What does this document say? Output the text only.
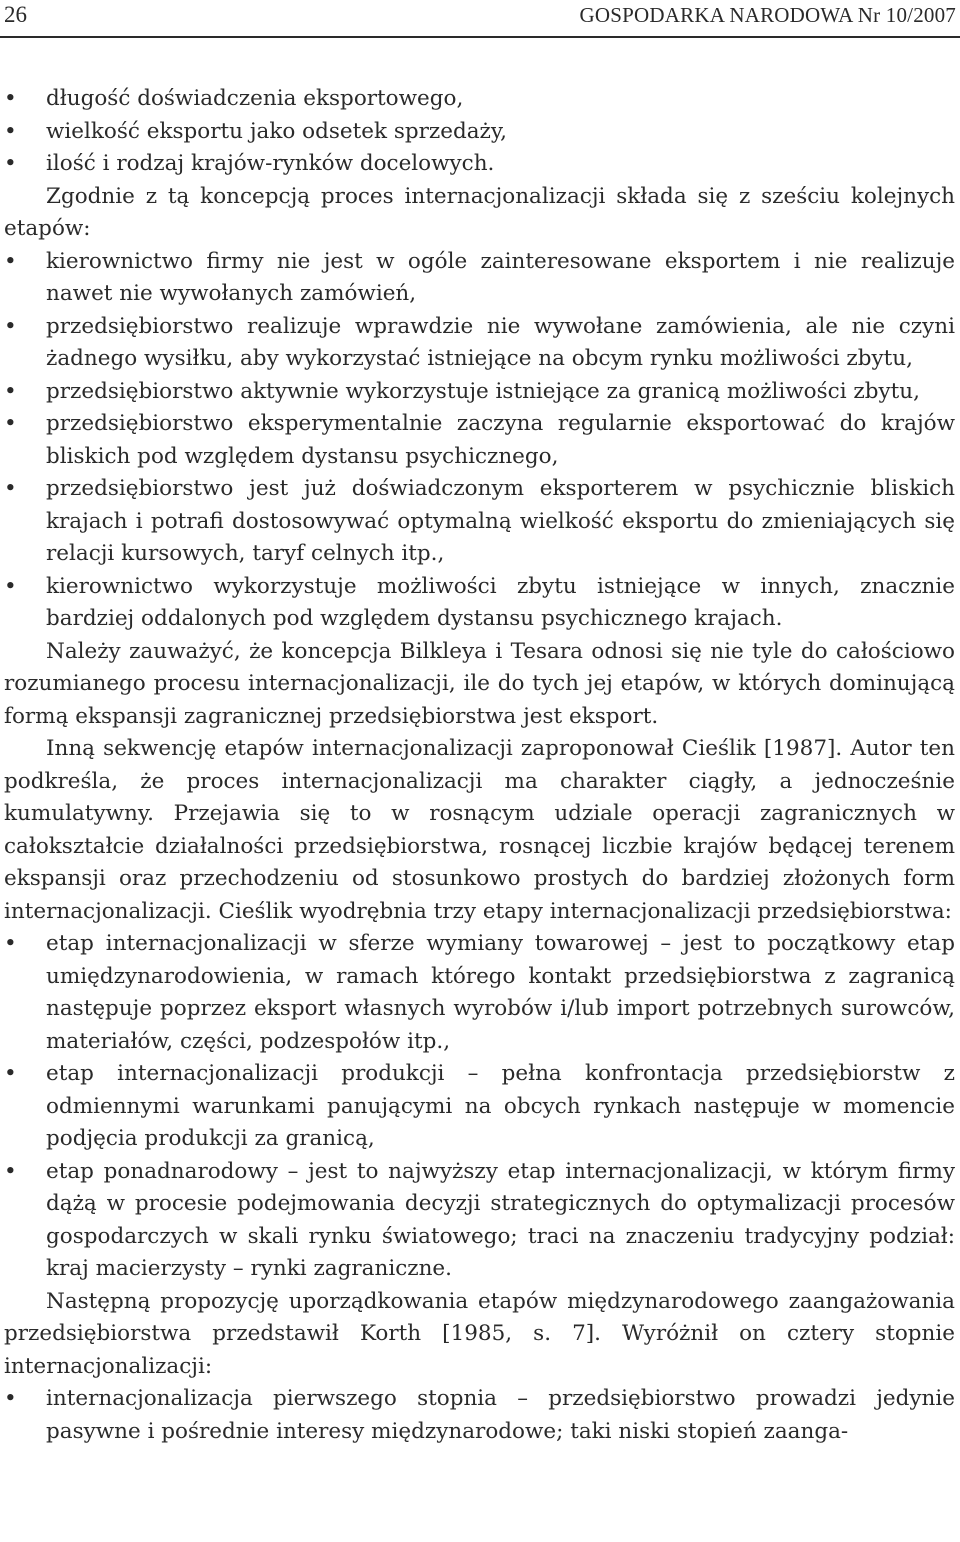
26	GOSPODARKA NARODOWA Nr 10/2007

•	długość doświadczenia eksportowego,

•	wielkość eksportu jako odsetek sprzedaży,

•	ilość i rodzaj krajów-rynków docelowych.

Zgodnie z tą koncepcją proces internacjonalizacji składa się z sześciu kolejnych etapów:

•	kierownictwo firmy nie jest w ogóle zainteresowane eksportem i nie realizuje nawet nie wywołanych zamówień,

•	przedsiębiorstwo realizuje wprawdzie nie wywołane zamówienia, ale nie czyni żadnego wysiłku, aby wykorzystać istniejące na obcym rynku możliwości zbytu,

•	przedsiębiorstwo aktywnie wykorzystuje istniejące za granicą możliwości zbytu,

•	przedsiębiorstwo eksperymentalnie zaczyna regularnie eksportować do krajów bliskich pod względem dystansu psychicznego,

•	przedsiębiorstwo jest już doświadczonym eksporterem w psychicznie bliskich krajach i potrafi dostosowywać optymalną wielkość eksportu do zmieniających się relacji kursowych, taryf celnych itp.,

•	kierownictwo wykorzystuje możliwości zbytu istniejące w innych, znacznie bardziej oddalonych pod względem dystansu psychicznego krajach.

Należy zauważyć, że koncepcja Bilkleya i Tesara odnosi się nie tyle do całościowo rozumianego procesu internacjonalizacji, ile do tych jej etapów, w których dominującą formą ekspansji zagranicznej przedsiębiorstwa jest eksport.

Inną sekwencję etapów internacjonalizacji zaproponował Cieślik [1987]. Autor ten podkreśla, że proces internacjonalizacji ma charakter ciągły, a jednocześnie kumulatywny. Przejawia się to w rosnącym udziale operacji zagranicznych w całokształcie działalności przedsiębiorstwa, rosnącej liczbie krajów będącej terenem ekspansji oraz przechodzeniu od stosunkowo prostych do bardziej złożonych form internacjonalizacji. Cieślik wyodrębnia trzy etapy internacjonalizacji przedsiębiorstwa:

•	etap internacjonalizacji w sferze wymiany towarowej – jest to początkowy etap umiędzynarodowienia, w ramach którego kontakt przedsiębiorstwa z zagranicą następuje poprzez eksport własnych wyrobów i/lub import potrzebnych surowców, materiałów, części, podzespołów itp.,

•	etap internacjonalizacji produkcji – pełna konfrontacja przedsiębiorstw z odmiennymi warunkami panującymi na obcych rynkach następuje w momencie podjęcia produkcji za granicą,

•	etap ponadnarodowy – jest to najwyższy etap internacjonalizacji, w którym firmy dążą w procesie podejmowania decyzji strategicznych do optymalizacji procesów gospodarczych w skali rynku światowego; traci na znaczeniu tradycyjny podział: kraj macierzysty – rynki zagraniczne.

Następną propozycję uporządkowania etapów międzynarodowego zaangażowania przedsiębiorstwa przedstawił Korth [1985, s. 7]. Wyróżnił on cztery stopnie internacjonalizacji:

•	internacjonalizacja pierwszego stopnia – przedsiębiorstwo prowadzi jedynie pasywne i pośrednie interesy międzynarodowe; taki niski stopień zaanga-
